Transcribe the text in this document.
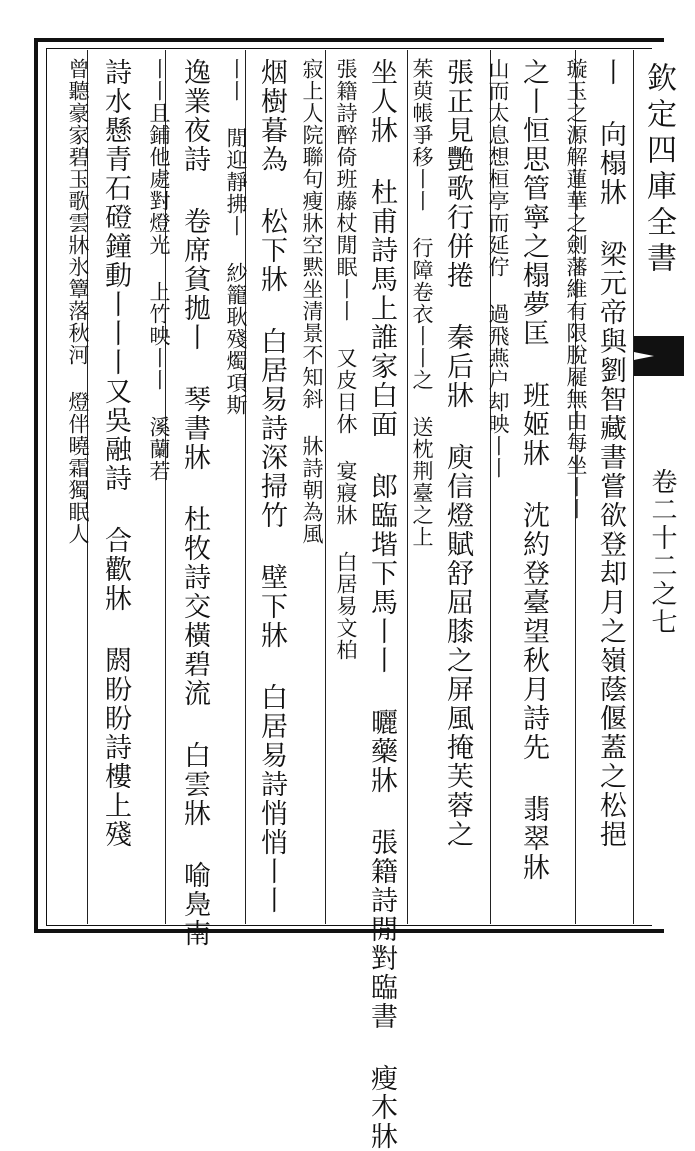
欽定四庫全書
卷二十二之七
丨 向榻牀 梁元帝與劉智藏書嘗欲登却月之嶺蔭偃蓋之松挹
璇玉之源解蓮華之劍藩維有限脫屣無由每坐丨丨
之丨恒思管寧之榻夢匡 班姬牀 沈約登臺望秋月詩先 翡翠牀
山而太息想桓亭而延佇 過飛燕户却映丨丨
張正見艷歌行併捲 秦后牀 庾信燈賦舒屈膝之屏風掩芙蓉之
茱萸帳爭移丨丨 行障卷衣丨丨之 送枕荆臺之上
坐人牀 杜甫詩馬上誰家白面 郎臨堦下馬丨丨 曬藥牀 張籍詩閒對臨書 瘦木牀
張籍詩醉倚班藤杖閒眠丨丨 又皮日休 宴寢牀 白居易文柏
寂上人院聯句瘦牀空黙坐清景不知斜 牀詩朝為風
烟樹暮為 松下牀 白居易詩深掃竹 壁下牀 白居易詩悄悄丨丨
丨丨 閒迎靜拂丨 紗籠耿殘燭項斯
逸業夜詩 卷席貧拋丨 琴書牀 杜牧詩交橫碧流 白雲牀 喻鳧南
丨丨且鋪他處對燈光 上竹映丨丨 溪蘭若
詩水懸青石磴鐘動丨丨丨又吳融詩 合歡牀 閼盼盼詩樓上殘
曾聽豪家碧玉歌雲牀氷簟落秋河 燈伴曉霜獨眠人
